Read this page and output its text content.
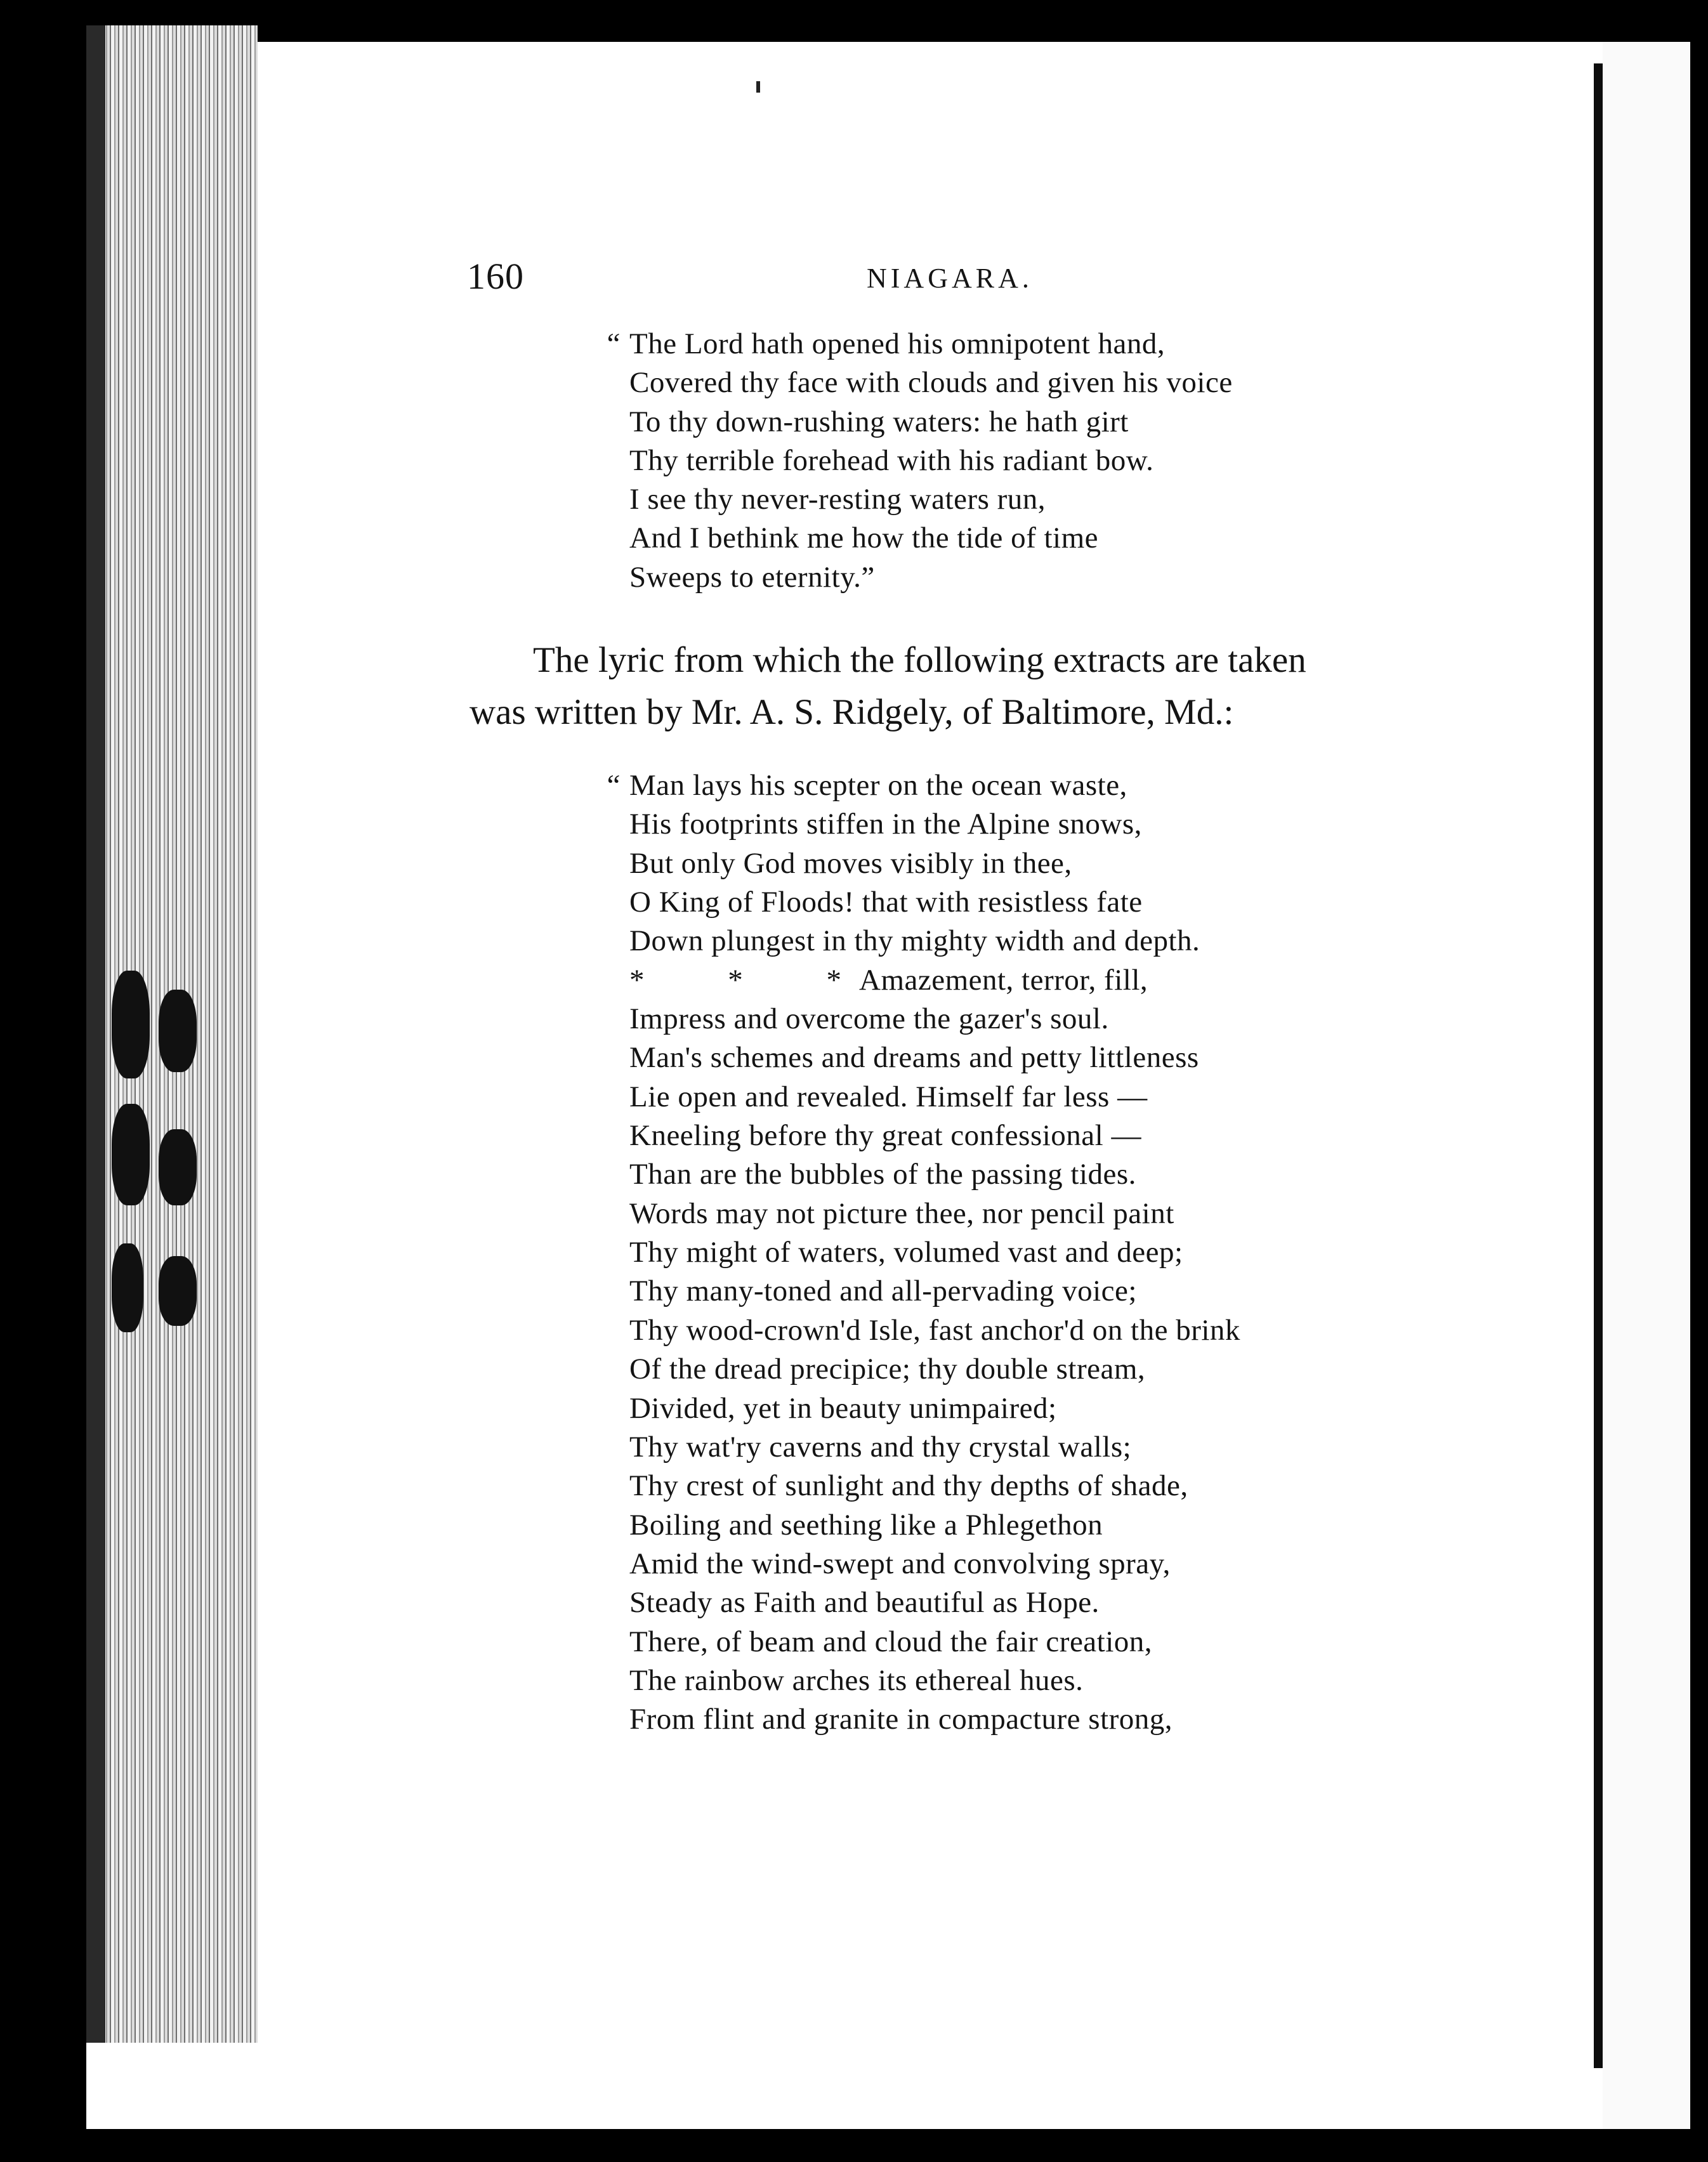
160	NIAGARA.
“ The Lord hath opened his omnipotent hand,
Covered thy face with clouds and given his voice
To thy down-rushing waters: he hath girt
Thy terrible forehead with his radiant bow.
I see thy never-resting waters run,
And I bethink me how the tide of time
Sweeps to eternity.”
The lyric from which the following extracts are taken
was written by Mr. A. S. Ridgely, of Baltimore, Md.:
“ Man lays his scepter on the ocean waste,
His footprints stiffen in the Alpine snows,
But only God moves visibly in thee,
O King of Floods! that with resistless fate
Down plungest in thy mighty width and depth.
* * *Amazement, terror, fill,
Impress and overcome the gazer's soul.
Man's schemes and dreams and petty littleness
Lie open and revealed. Himself far less —
Kneeling before thy great confessional —
Than are the bubbles of the passing tides.
Words may not picture thee, nor pencil paint
Thy might of waters, volumed vast and deep;
Thy many-toned and all-pervading voice;
Thy wood-crown'd Isle, fast anchor'd on the brink
Of the dread precipice; thy double stream,
Divided, yet in beauty unimpaired;
Thy wat'ry caverns and thy crystal walls;
Thy crest of sunlight and thy depths of shade,
Boiling and seething like a Phlegethon
Amid the wind-swept and convolving spray,
Steady as Faith and beautiful as Hope.
There, of beam and cloud the fair creation,
The rainbow arches its ethereal hues.
From flint and granite in compacture strong,
